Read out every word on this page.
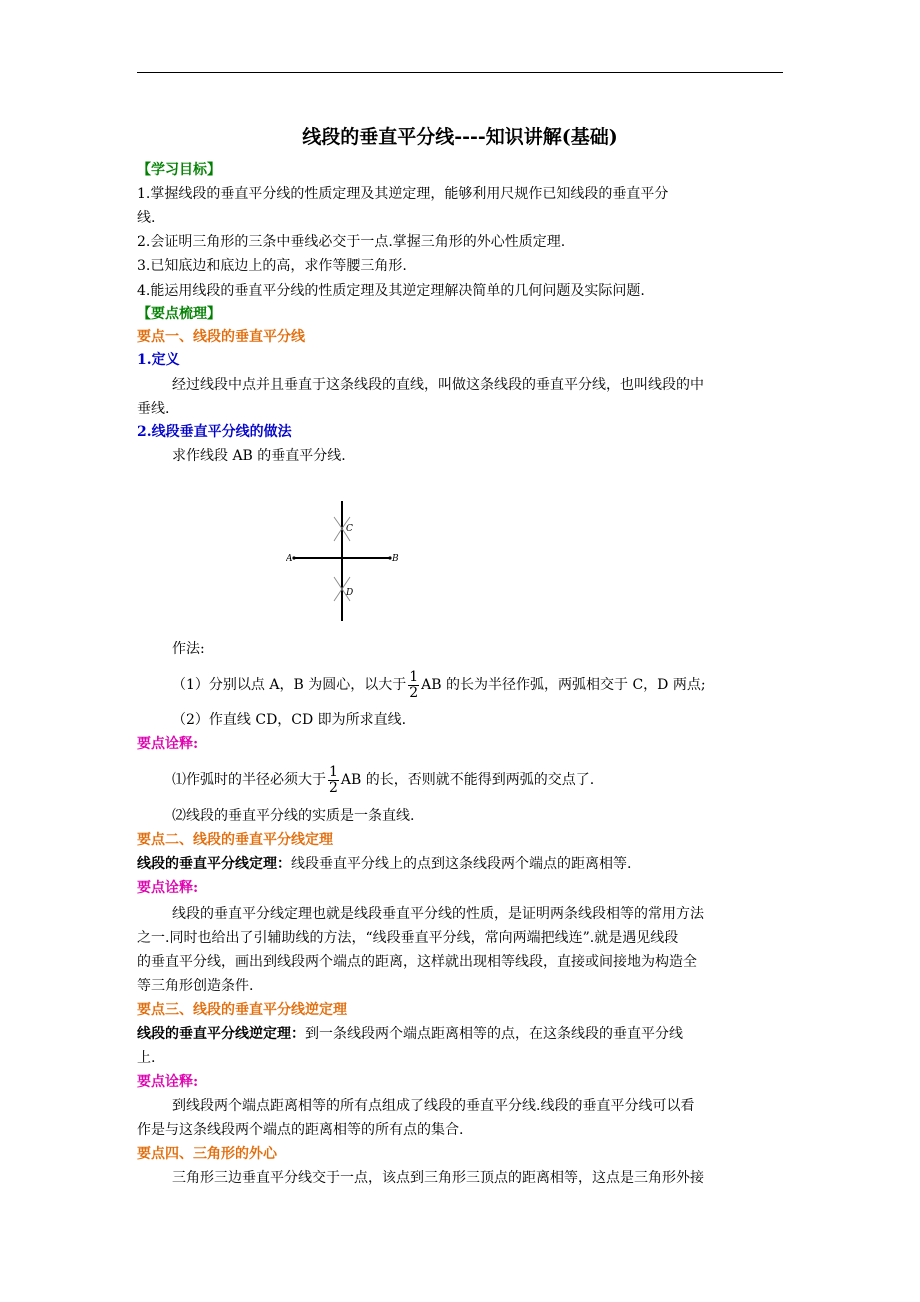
线段的垂直平分线----知识讲解(基础)
【学习目标】
1.掌握线段的垂直平分线的性质定理及其逆定理，能够利用尺规作已知线段的垂直平分
线.
2.会证明三角形的三条中垂线必交于一点.掌握三角形的外心性质定理.
3.已知底边和底边上的高，求作等腰三角形.
4.能运用线段的垂直平分线的性质定理及其逆定理解决简单的几何问题及实际问题.
【要点梳理】
要点一、线段的垂直平分线
1.定义
经过线段中点并且垂直于这条线段的直线，叫做这条线段的垂直平分线，也叫线段的中
垂线.
2.线段垂直平分线的做法
求作线段 AB 的垂直平分线.
A	B
C
D
作法:
（1）分别以点 A，B 为圆心，以大于 $\frac{1}{2}$ AB 的长为半径作弧，两弧相交于 C，D 两点;
（2）作直线 CD，CD 即为所求直线.
要点诠释:
⑴作弧时的半径必须大于 $\frac{1}{2}$ AB 的长，否则就不能得到两弧的交点了.
⑵线段的垂直平分线的实质是一条直线.
要点二、线段的垂直平分线定理
线段的垂直平分线定理：线段垂直平分线上的点到这条线段两个端点的距离相等.
要点诠释:
线段的垂直平分线定理也就是线段垂直平分线的性质，是证明两条线段相等的常用方法
之一.同时也给出了引辅助线的方法，“线段垂直平分线，常向两端把线连”.就是遇见线段
的垂直平分线，画出到线段两个端点的距离，这样就出现相等线段，直接或间接地为构造全
等三角形创造条件.
要点三、线段的垂直平分线逆定理
线段的垂直平分线逆定理：到一条线段两个端点距离相等的点，在这条线段的垂直平分线
上.
要点诠释:
到线段两个端点距离相等的所有点组成了线段的垂直平分线.线段的垂直平分线可以看
作是与这条线段两个端点的距离相等的所有点的集合.
要点四、三角形的外心
三角形三边垂直平分线交于一点，该点到三角形三顶点的距离相等，这点是三角形外接
